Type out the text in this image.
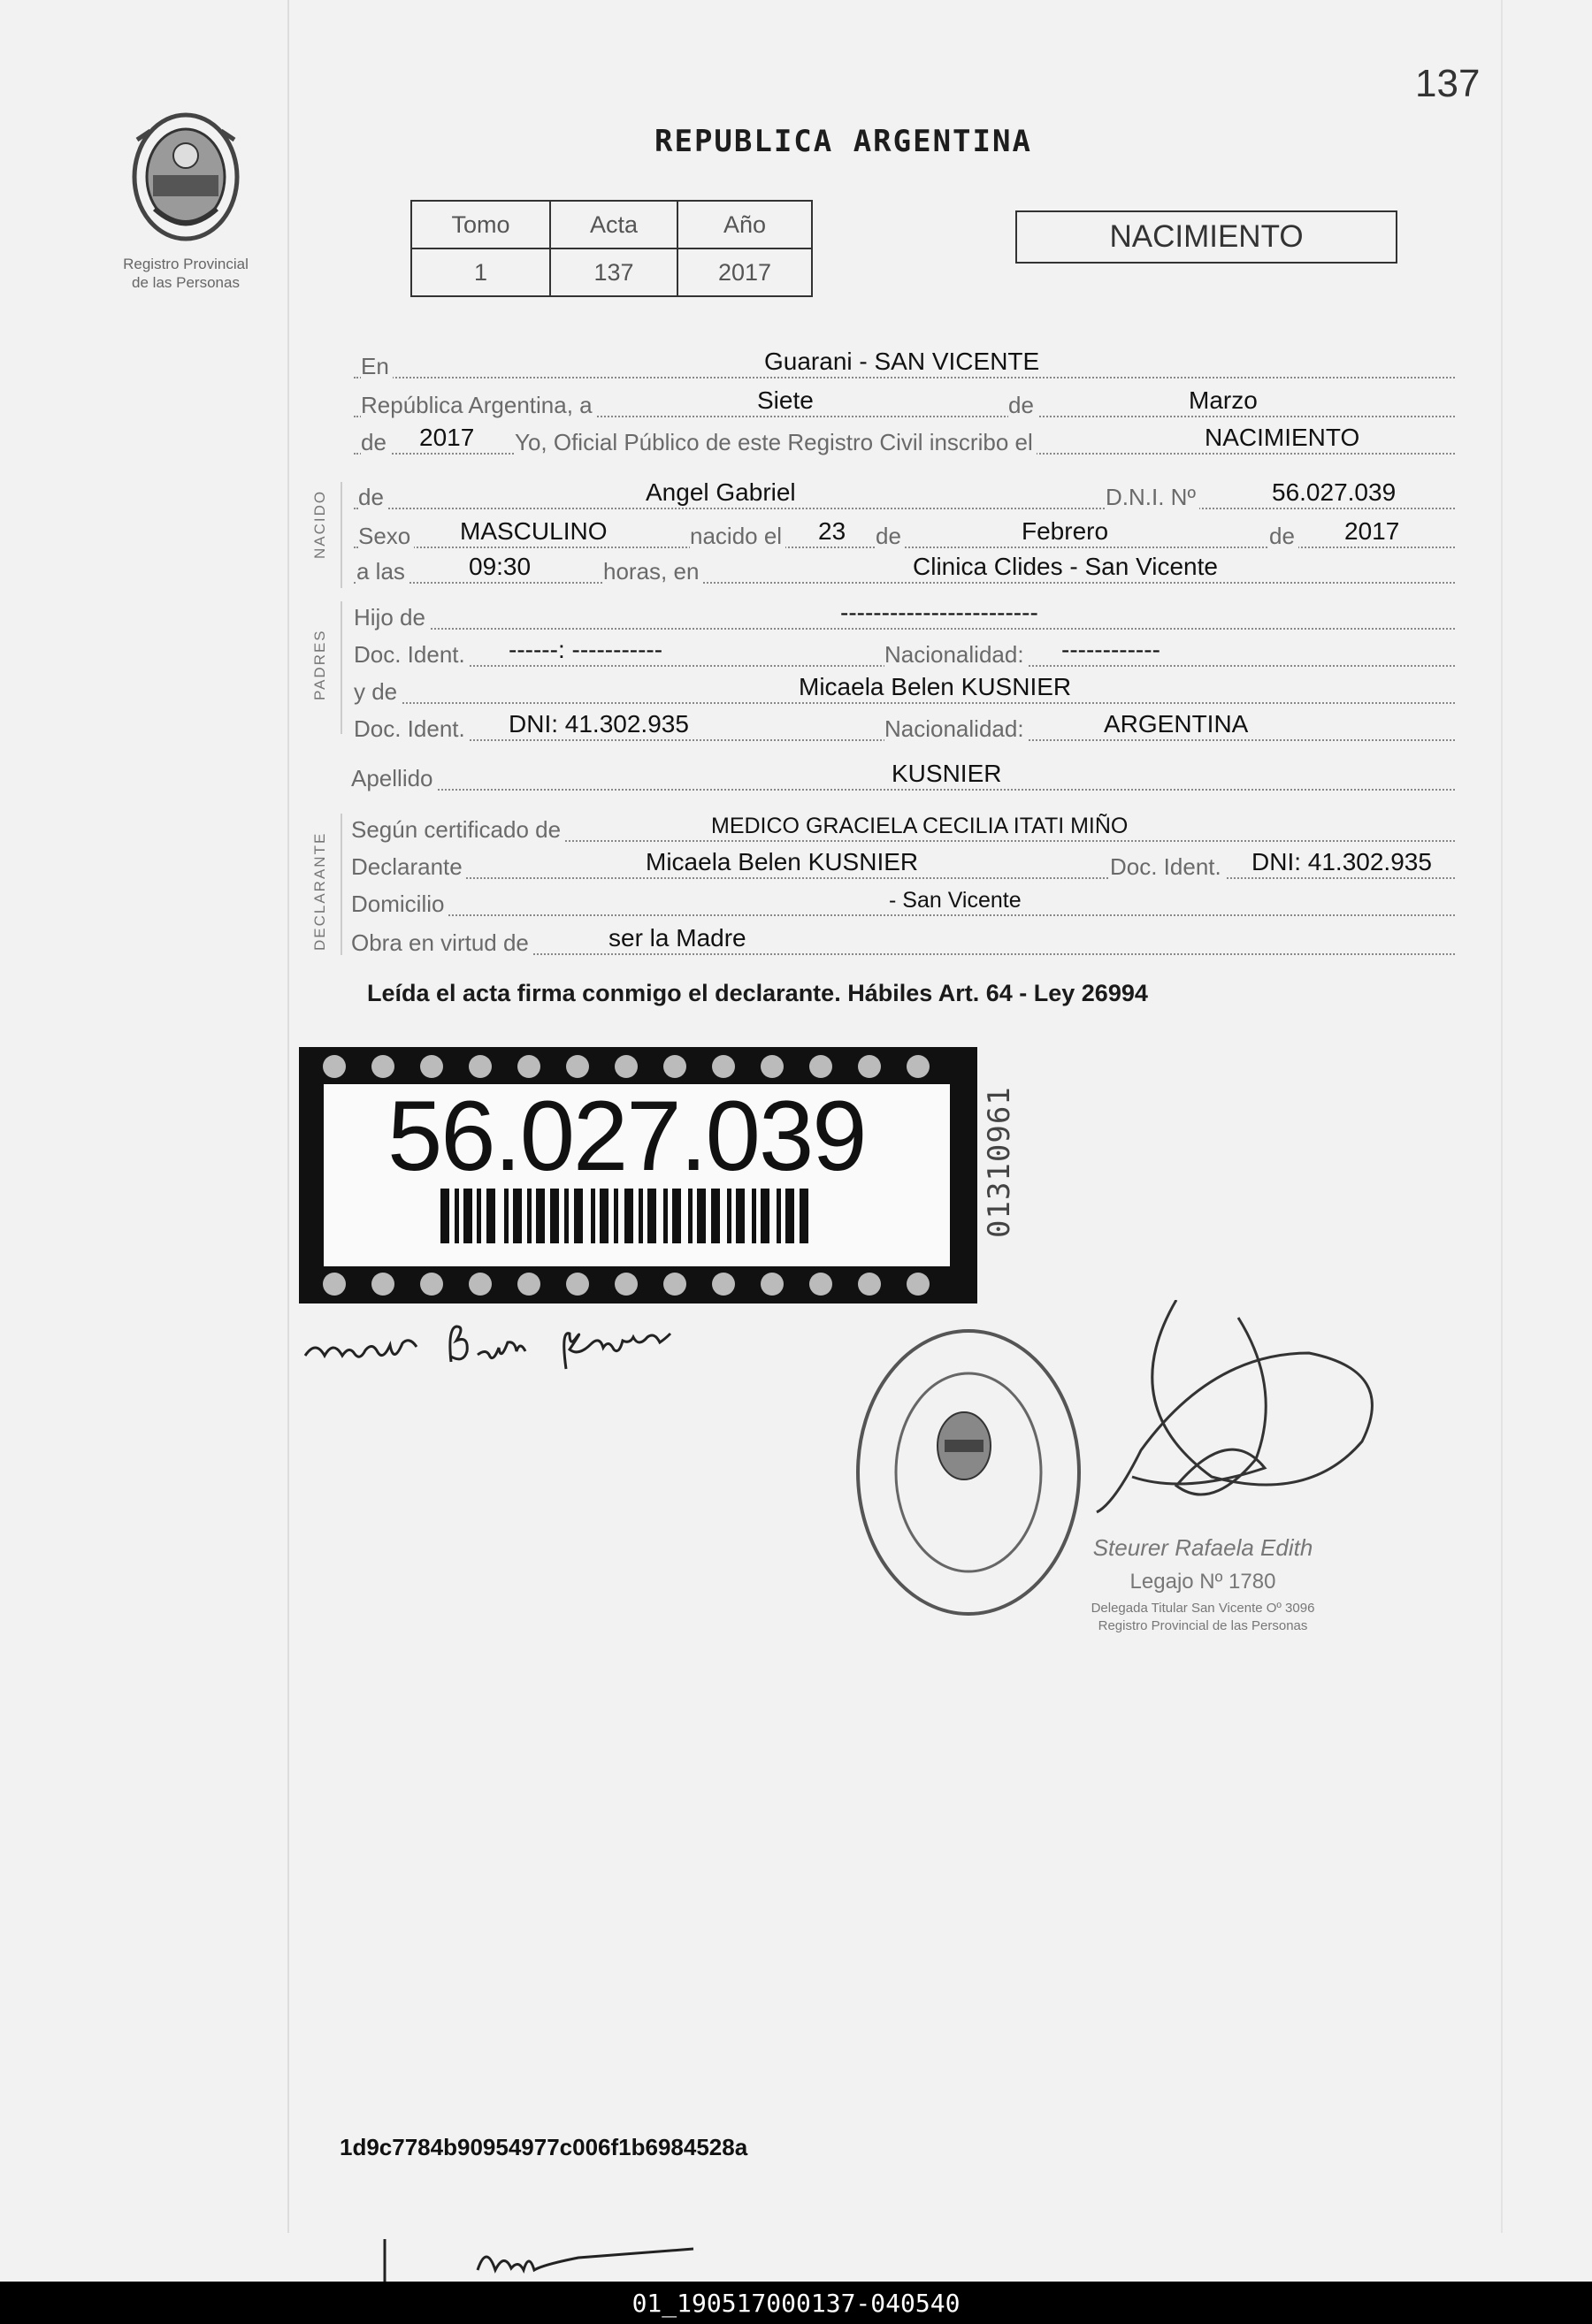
137
Registro Provincial
de las Personas
REPUBLICA ARGENTINA
Tomo	Acta	Año
1	137	2017
NACIMIENTO
NACIDO
PADRES
DECLARANTE
En	Guarani - SAN VICENTE
República Argentina, a	Siete	de	Marzo
de 2017 Yo, Oficial Público de este Registro Civil inscribo el	NACIMIENTO
de	Angel Gabriel	D.N.I. Nº	56.027.039
Sexo MASCULINO	nacido el 23 de	Febrero	de 2017
a las	09:30	horas, en	Clinica Clides - San Vicente
Hijo de	------------------------
Doc. Ident. ------: -----------	Nacionalidad: ------------
y de	Micaela Belen KUSNIER
Doc. Ident. DNI: 41.302.935	Nacionalidad:	ARGENTINA
Apellido	KUSNIER
Según certificado de	MEDICO GRACIELA CECILIA ITATI MIÑO
Declarante	Micaela Belen KUSNIER	Doc. Ident. DNI: 41.302.935
Domicilio	- San Vicente
Obra en virtud de	ser la Madre
Leída el acta firma conmigo el declarante. Hábiles Art. 64 - Ley 26994
56.027.039	01310961
Steurer Rafaela Edith
Legajo Nº 1780
Delegada Titular San Vicente Oº 3096
Registro Provincial de las Personas
1d9c7784b90954977c006f1b6984528a
01_190517000137-040540
